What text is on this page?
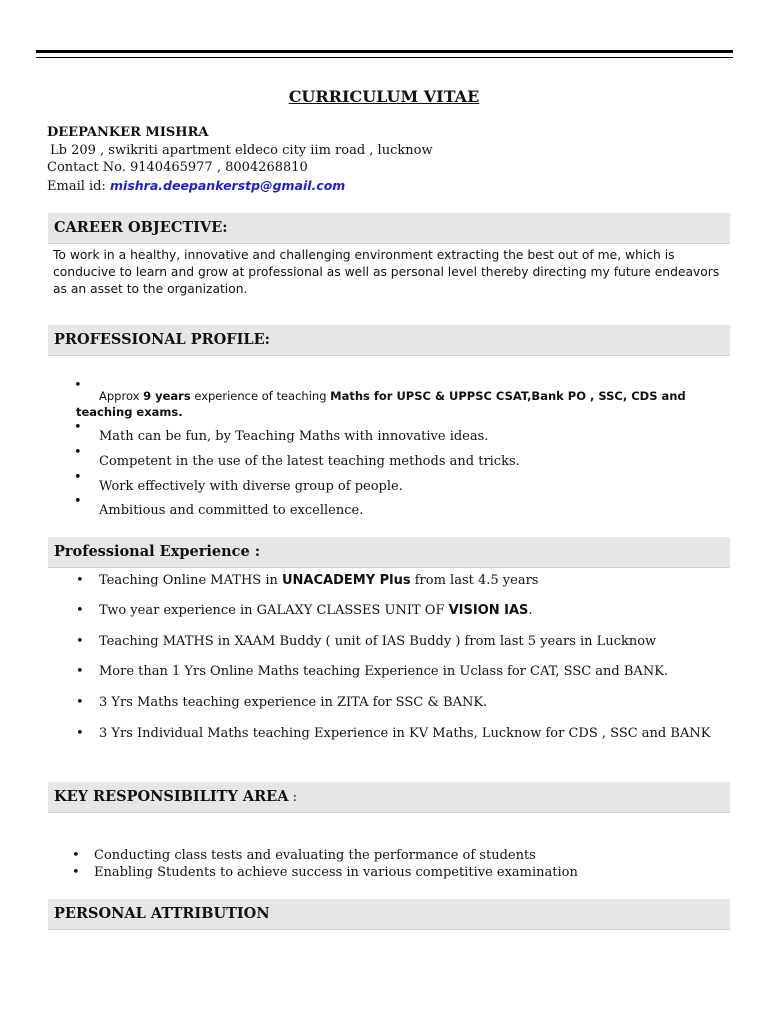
CURRICULUM VITAE
DEEPANKER MISHRA
Lb 209 , swikriti apartment eldeco city iim road , lucknow
Contact No. 9140465977 , 8004268810
Email id: mishra.deepankerstp@gmail.com
CAREER OBJECTIVE:
To work in a healthy, innovative and challenging environment extracting the best out of me, which is conducive to learn and grow at professional as well as personal level thereby directing my future endeavors as an asset to the organization.
PROFESSIONAL PROFILE:
•
Approx 9 years experience of teaching Maths for UPSC & UPPSC CSAT,Bank PO , SSC, CDS and
teaching exams.
•
Math can be fun, by Teaching Maths with innovative ideas.
•
Competent in the use of the latest teaching methods and tricks.
•
Work effectively with diverse group of people.
•
Ambitious and committed to excellence.
Professional Experience :
• Teaching Online MATHS in UNACADEMY Plus from last 4.5 years
• Two year experience in GALAXY CLASSES UNIT OF VISION IAS.
• Teaching MATHS in XAAM Buddy ( unit of IAS Buddy ) from last 5 years in Lucknow
• More than 1 Yrs Online Maths teaching Experience in Uclass for CAT, SSC and BANK.
• 3 Yrs Maths teaching experience in ZITA for SSC & BANK.
• 3 Yrs Individual Maths teaching Experience in KV Maths, Lucknow for CDS , SSC and BANK
KEY RESPONSIBILITY AREA :
• Conducting class tests and evaluating the performance of students
• Enabling Students to achieve success in various competitive examination
PERSONAL ATTRIBUTION
